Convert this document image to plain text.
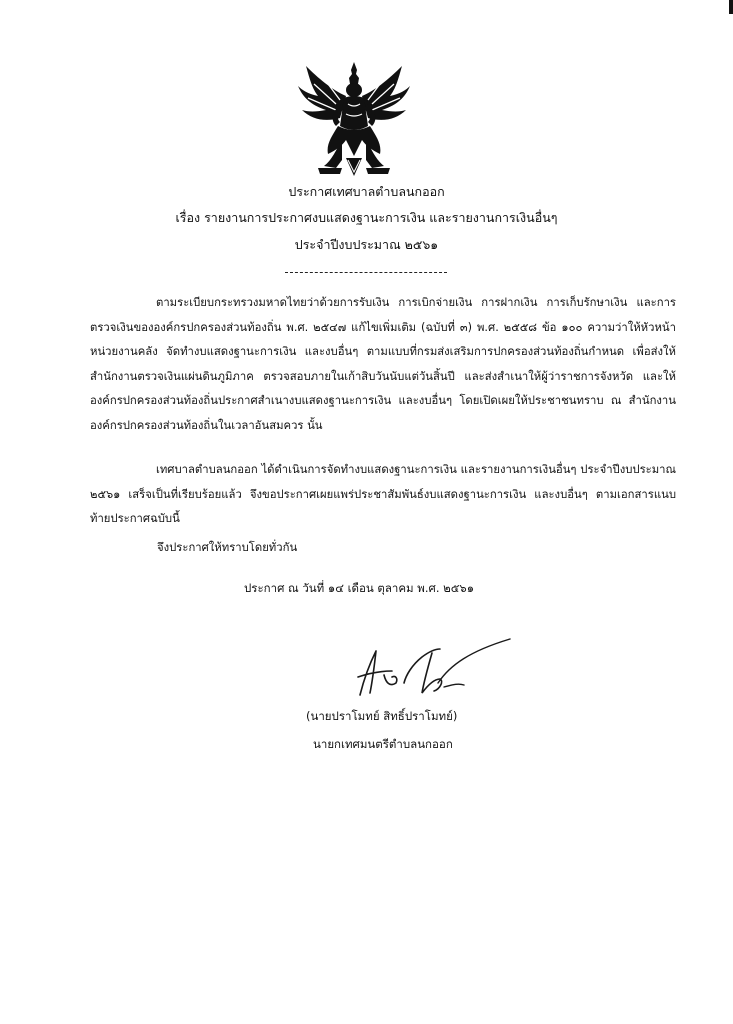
ประกาศเทศบาลตำบลนกออก
เรื่อง รายงานการประกาศงบแสดงฐานะการเงิน และรายงานการเงินอื่นๆ
ประจำปีงบประมาณ ๒๕๖๑
ตามระเบียบกระทรวงมหาดไทยว่าด้วยการรับเงิน การเบิกจ่ายเงิน การฝากเงิน การเก็บรักษาเงิน และการตรวจเงินขององค์กรปกครองส่วนท้องถิ่น พ.ศ. ๒๕๔๗ แก้ไขเพิ่มเติม (ฉบับที่ ๓) พ.ศ. ๒๕๕๘ ข้อ ๑๐๐ ความว่าให้หัวหน้าหน่วยงานคลัง จัดทำงบแสดงฐานะการเงิน และงบอื่นๆ ตามแบบที่กรมส่งเสริมการปกครองส่วนท้องถิ่นกำหนด เพื่อส่งให้สำนักงานตรวจเงินแผ่นดินภูมิภาค ตรวจสอบภายในเก้าสิบวันนับแต่วันสิ้นปี และส่งสำเนาให้ผู้ว่าราชการจังหวัด และให้องค์กรปกครองส่วนท้องถิ่นประกาศสำเนางบแสดงฐานะการเงิน และงบอื่นๆ โดยเปิดเผยให้ประชาชนทราบ ณ สำนักงานองค์กรปกครองส่วนท้องถิ่นในเวลาอันสมควร นั้น
เทศบาลตำบลนกออก ได้ดำเนินการจัดทำงบแสดงฐานะการเงิน และรายงานการเงินอื่นๆ ประจำปีงบประมาณ ๒๕๖๑ เสร็จเป็นที่เรียบร้อยแล้ว จึงขอประกาศเผยแพร่ประชาสัมพันธ์งบแสดงฐานะการเงิน และงบอื่นๆ ตามเอกสารแนบท้ายประกาศฉบับนี้
จึงประกาศให้ทราบโดยทั่วกัน
ประกาศ ณ วันที่ ๑๔ เดือน ตุลาคม พ.ศ. ๒๕๖๑
(นายปราโมทย์ สิทธิ์ปราโมทย์)
นายกเทศมนตรีตำบลนกออก
